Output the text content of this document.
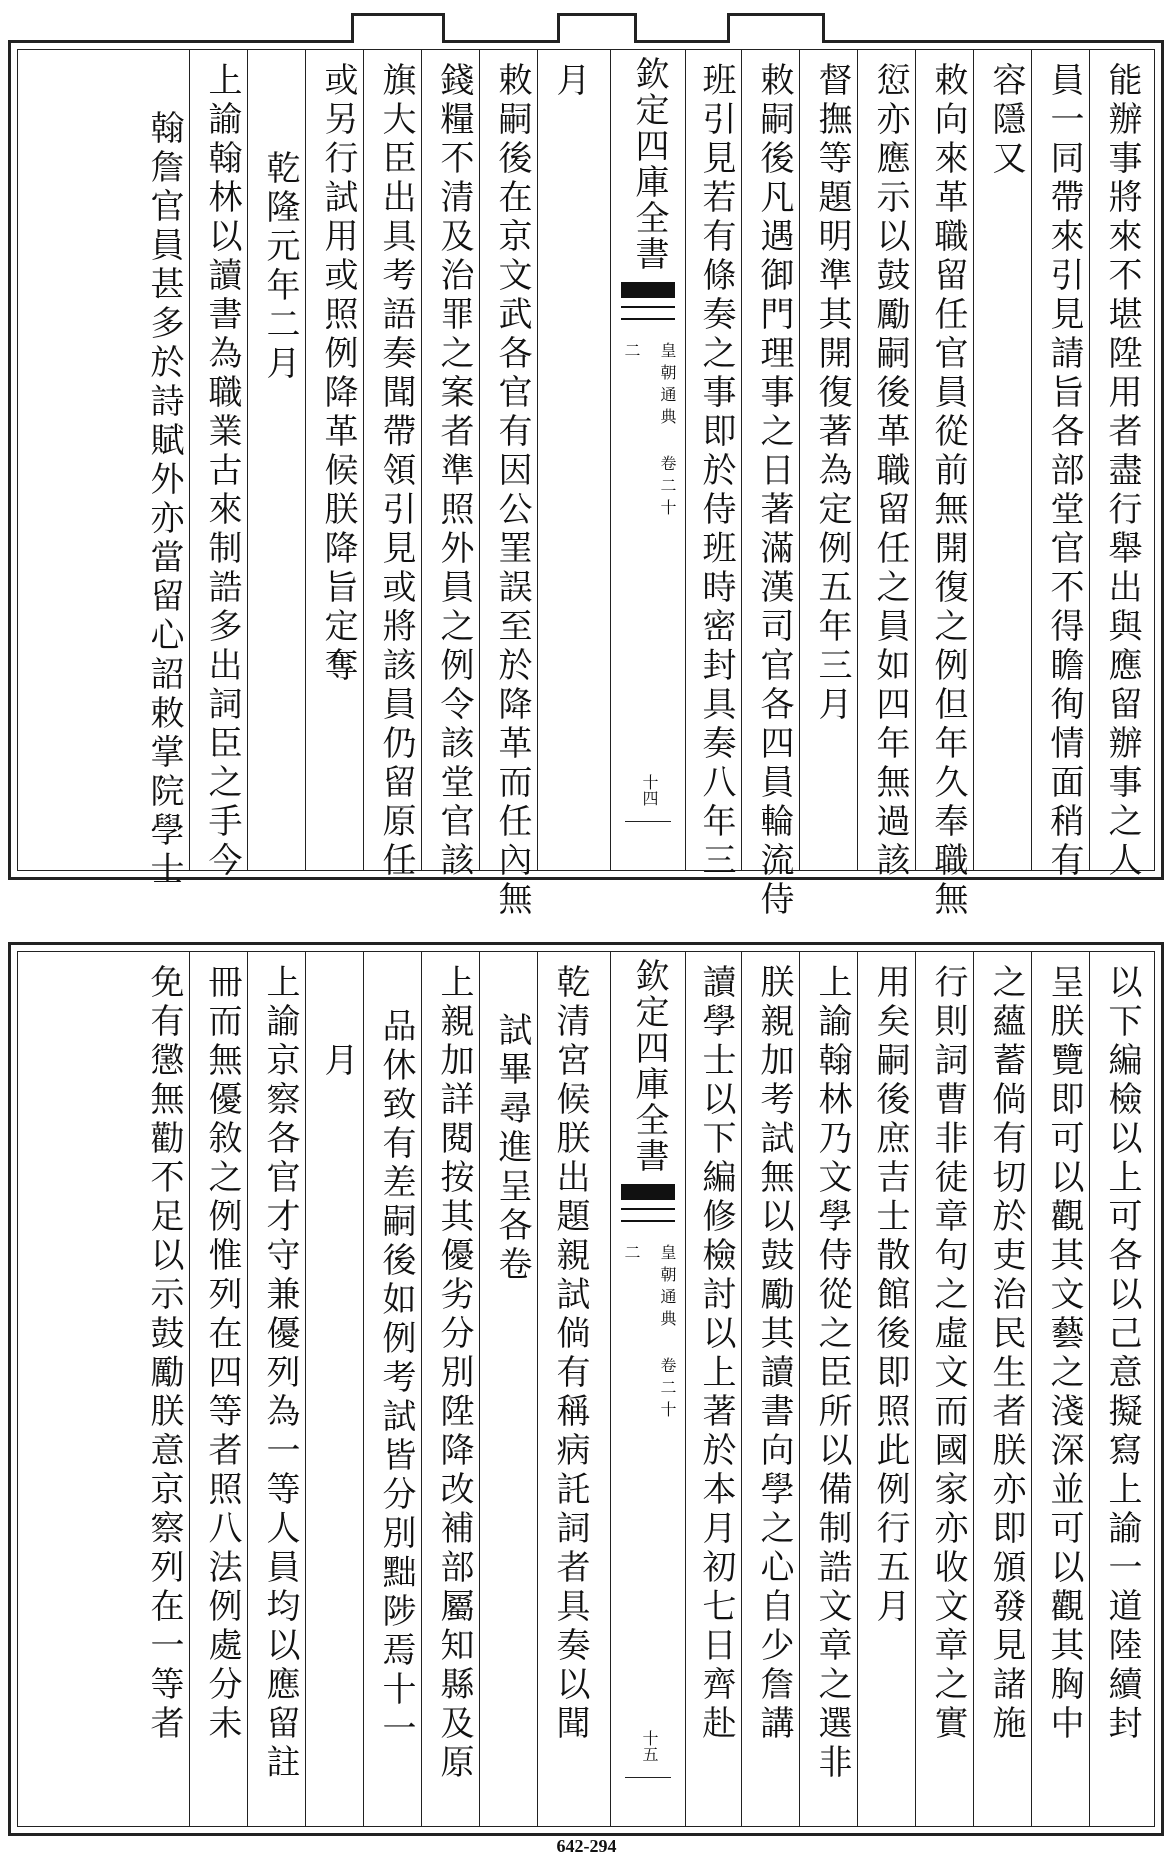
能辦事將來不堪陞用者盡行舉出與應留辦事之人
員一同帶來引見請旨各部堂官不得瞻徇情面稍有
容隱又
敕向來革職留任官員從前無開復之例但年久奉職無
愆亦應示以鼓勵嗣後革職留任之員如四年無過該
督撫等題明準其開復著為定例五年三月
敕嗣後凡遇御門理事之日著滿漢司官各四員輪流侍
班引見若有條奏之事即於侍班時密封具奏八年三
欽定四庫全書
皇朝通典 卷二十二
十四
月
敕嗣後在京文武各官有因公罣誤至於降革而任內無
錢糧不清及治罪之案者準照外員之例令該堂官該
旗大臣出具考語奏聞帶領引見或將該員仍留原任
或另行試用或照例降革候朕降旨定奪
乾隆元年二月
上諭翰林以讀書為職業古來制誥多出詞臣之手今
翰詹官員甚多於詩賦外亦當留心詔敕掌院學士
以下編檢以上可各以己意擬寫上諭一道陸續封
呈朕覽即可以觀其文藝之淺深並可以觀其胸中
之蘊蓄倘有切於吏治民生者朕亦即頒發見諸施
行則詞曹非徒章句之虛文而國家亦收文章之實
用矣嗣後庶吉士散館後即照此例行五月
上諭翰林乃文學侍從之臣所以備制誥文章之選非
朕親加考試無以鼓勵其讀書向學之心自少詹講
讀學士以下編修檢討以上著於本月初七日齊赴
欽定四庫全書
皇朝通典 卷二十二
十五
乾清宮候朕出題親試倘有稱病託詞者具奏以聞
試畢尋進呈各卷
上親加詳閱按其優劣分別陞降改補部屬知縣及原
品休致有差嗣後如例考試皆分別黜陟焉十一
月
上諭京察各官才守兼優列為一等人員均以應留註
冊而無優敘之例惟列在四等者照八法例處分未
免有懲無勸不足以示鼓勵朕意京察列在一等者
642-294
